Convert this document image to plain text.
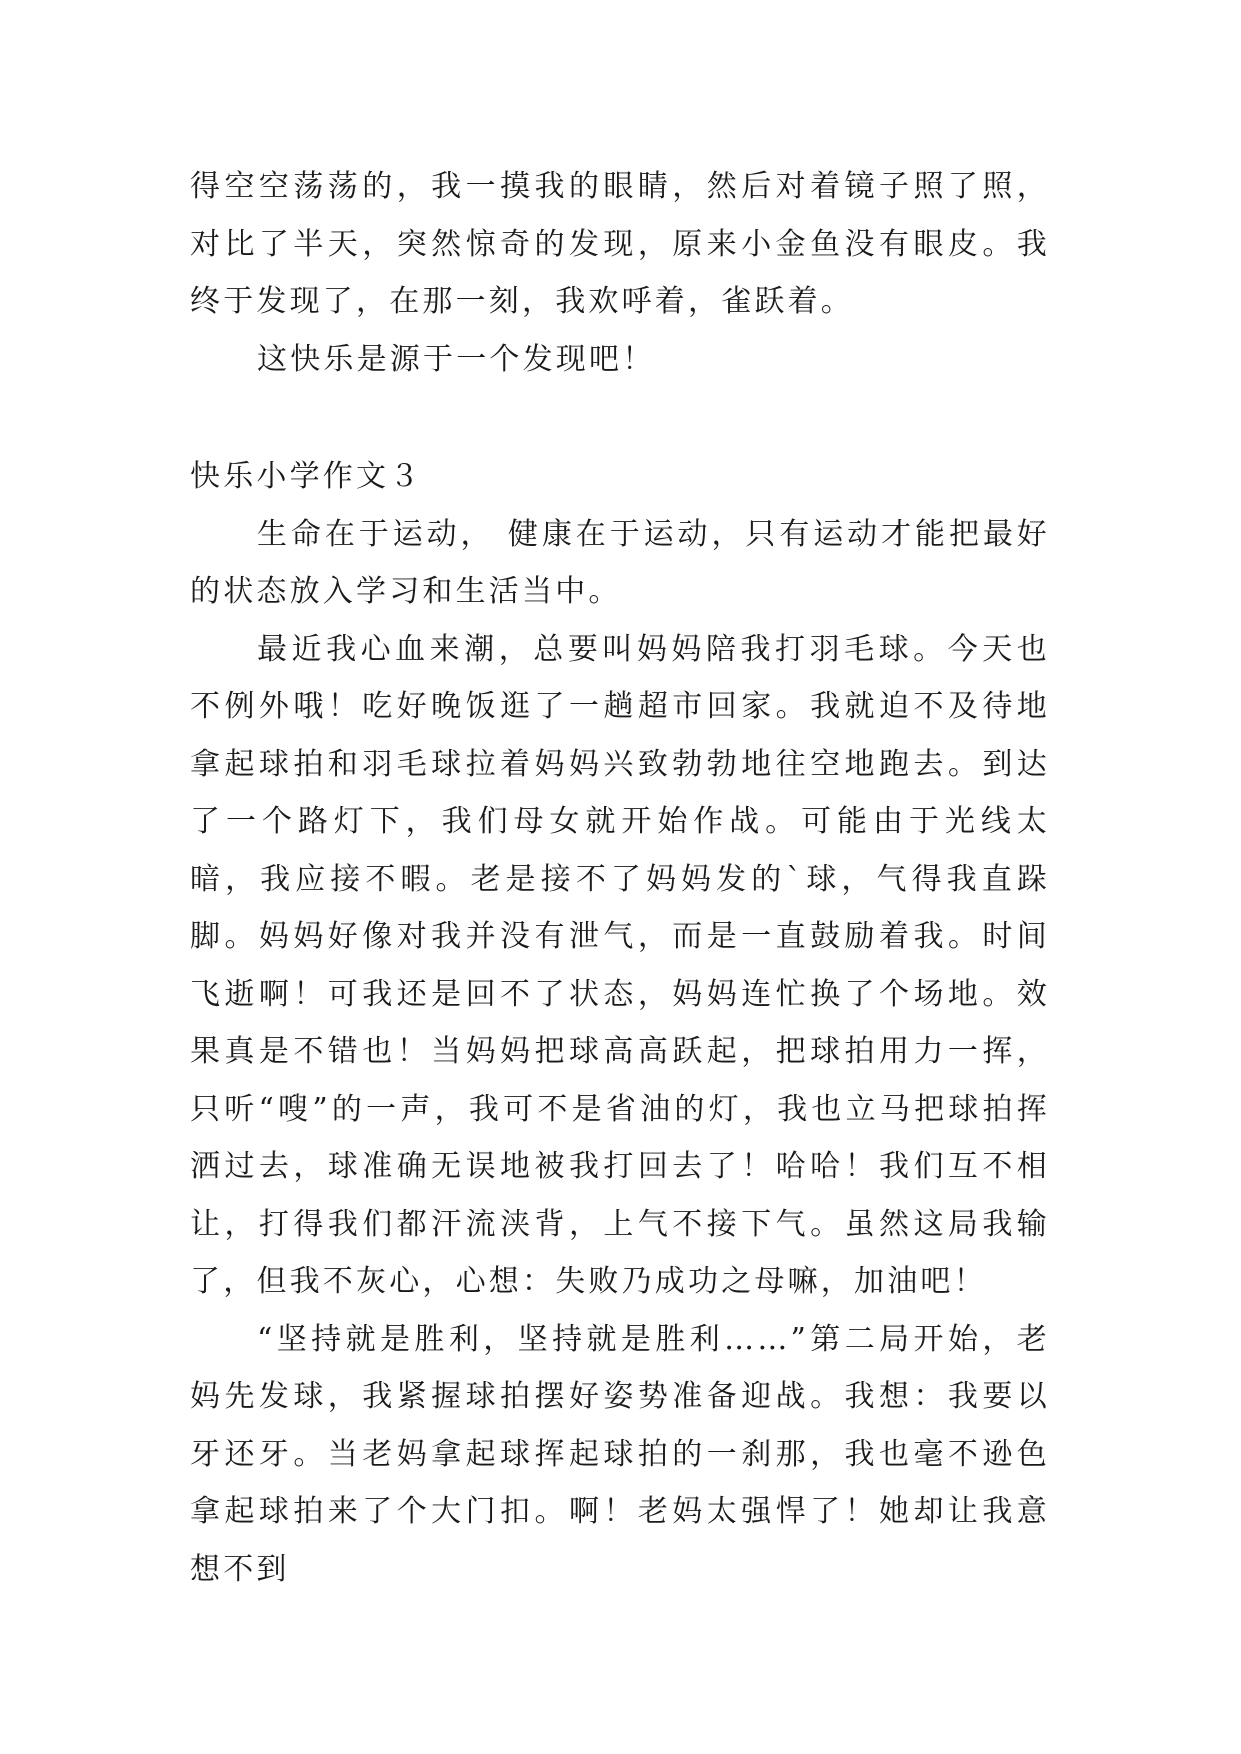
得空空荡荡的，我一摸我的眼睛，然后对着镜子照了照，对比了半天，突然惊奇的发现，原来小金鱼没有眼皮。我终于发现了，在那一刻，我欢呼着，雀跃着。

这快乐是源于一个发现吧！

快乐小学作文３

生命在于运动， 健康在于运动，只有运动才能把最好的状态放入学习和生活当中。

最近我心血来潮，总要叫妈妈陪我打羽毛球。今天也不例外哦！吃好晚饭逛了一趟超市回家。我就迫不及待地拿起球拍和羽毛球拉着妈妈兴致勃勃地往空地跑去。到达了一个路灯下，我们母女就开始作战。可能由于光线太暗，我应接不暇。老是接不了妈妈发的`球，气得我直跺脚。妈妈好像对我并没有泄气，而是一直鼓励着我。时间飞逝啊！可我还是回不了状态，妈妈连忙换了个场地。效果真是不错也！当妈妈把球高高跃起，把球拍用力一挥，只听“嗖”的一声，我可不是省油的灯，我也立马把球拍挥洒过去，球准确无误地被我打回去了！哈哈！我们互不相让，打得我们都汗流浃背，上气不接下气。虽然这局我输了，但我不灰心，心想：失败乃成功之母嘛，加油吧！

“坚持就是胜利，坚持就是胜利……”第二局开始，老妈先发球，我紧握球拍摆好姿势准备迎战。我想：我要以牙还牙。当老妈拿起球挥起球拍的一刹那，我也毫不逊色拿起球拍来了个大门扣。啊！老妈太强悍了！她却让我意想不到
